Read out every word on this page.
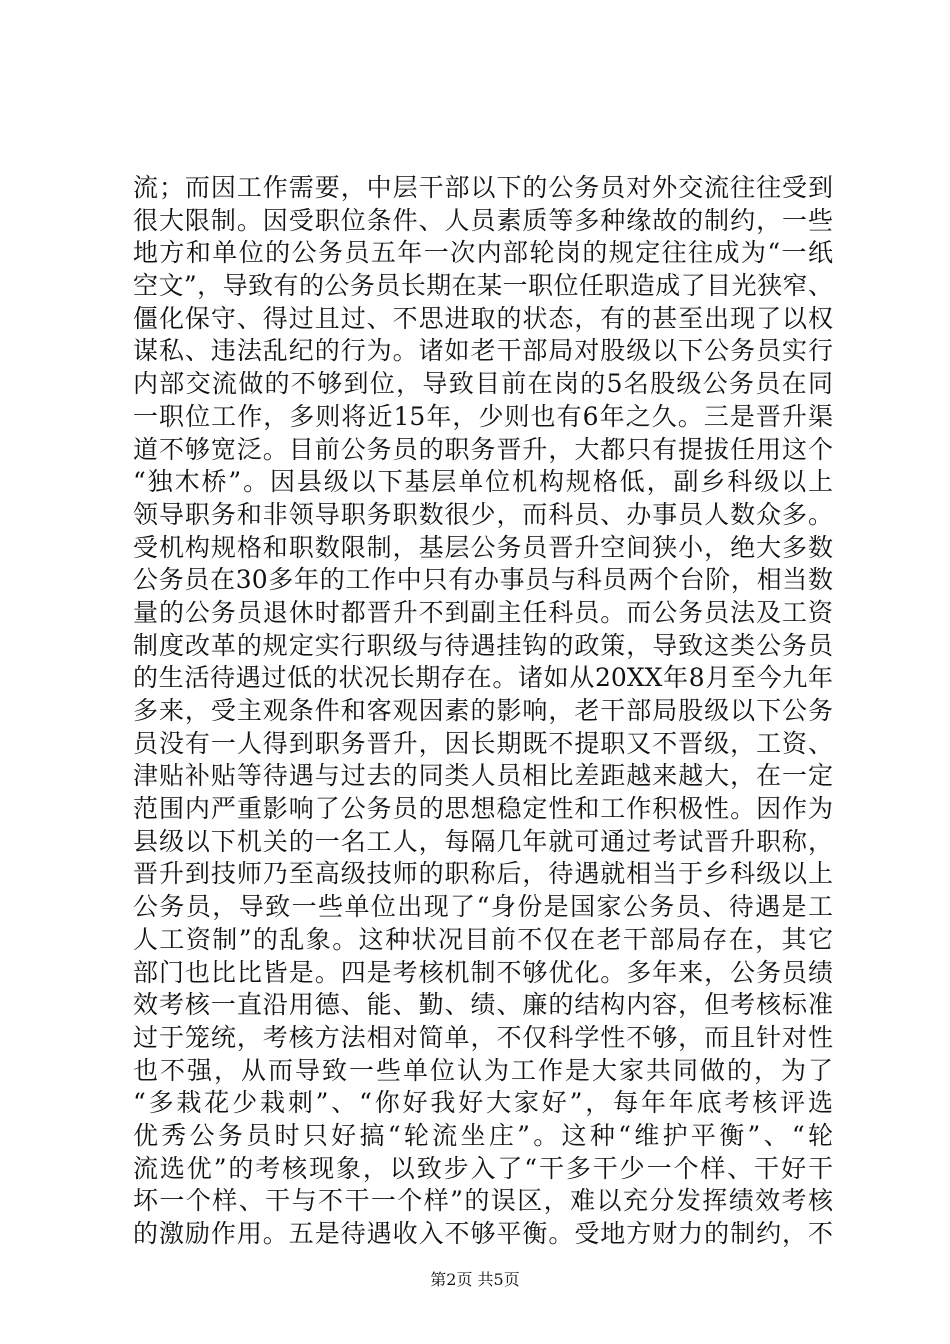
流；而因工作需要，中层干部以下的公务员对外交流往往受到
很大限制。因受职位条件、人员素质等多种缘故的制约，一些
地方和单位的公务员五年一次内部轮岗的规定往往成为“一纸
空文”，导致有的公务员长期在某一职位任职造成了目光狭窄、
僵化保守、得过且过、不思进取的状态，有的甚至出现了以权
谋私、违法乱纪的行为。诸如老干部局对股级以下公务员实行
内部交流做的不够到位，导致目前在岗的5名股级公务员在同
一职位工作，多则将近15年，少则也有6年之久。三是晋升渠
道不够宽泛。目前公务员的职务晋升，大都只有提拔任用这个
“独木桥”。因县级以下基层单位机构规格低，副乡科级以上
领导职务和非领导职务职数很少，而科员、办事员人数众多。
受机构规格和职数限制，基层公务员晋升空间狭小，绝大多数
公务员在30多年的工作中只有办事员与科员两个台阶，相当数
量的公务员退休时都晋升不到副主任科员。而公务员法及工资
制度改革的规定实行职级与待遇挂钩的政策，导致这类公务员
的生活待遇过低的状况长期存在。诸如从20XX年8月至今九年
多来，受主观条件和客观因素的影响，老干部局股级以下公务
员没有一人得到职务晋升，因长期既不提职又不晋级，工资、
津贴补贴等待遇与过去的同类人员相比差距越来越大，在一定
范围内严重影响了公务员的思想稳定性和工作积极性。因作为
县级以下机关的一名工人，每隔几年就可通过考试晋升职称，
晋升到技师乃至高级技师的职称后，待遇就相当于乡科级以上
公务员，导致一些单位出现了“身份是国家公务员、待遇是工
人工资制”的乱象。这种状况目前不仅在老干部局存在，其它
部门也比比皆是。四是考核机制不够优化。多年来，公务员绩
效考核一直沿用德、能、勤、绩、廉的结构内容，但考核标准
过于笼统，考核方法相对简单，不仅科学性不够，而且针对性
也不强，从而导致一些单位认为工作是大家共同做的，为了
“多栽花少栽刺”、“你好我好大家好”，每年年底考核评选
优秀公务员时只好搞“轮流坐庄”。这种“维护平衡”、“轮
流选优”的考核现象，以致步入了“干多干少一个样、干好干
坏一个样、干与不干一个样”的误区，难以充分发挥绩效考核
的激励作用。五是待遇收入不够平衡。受地方财力的制约，不
第2页 共5页
